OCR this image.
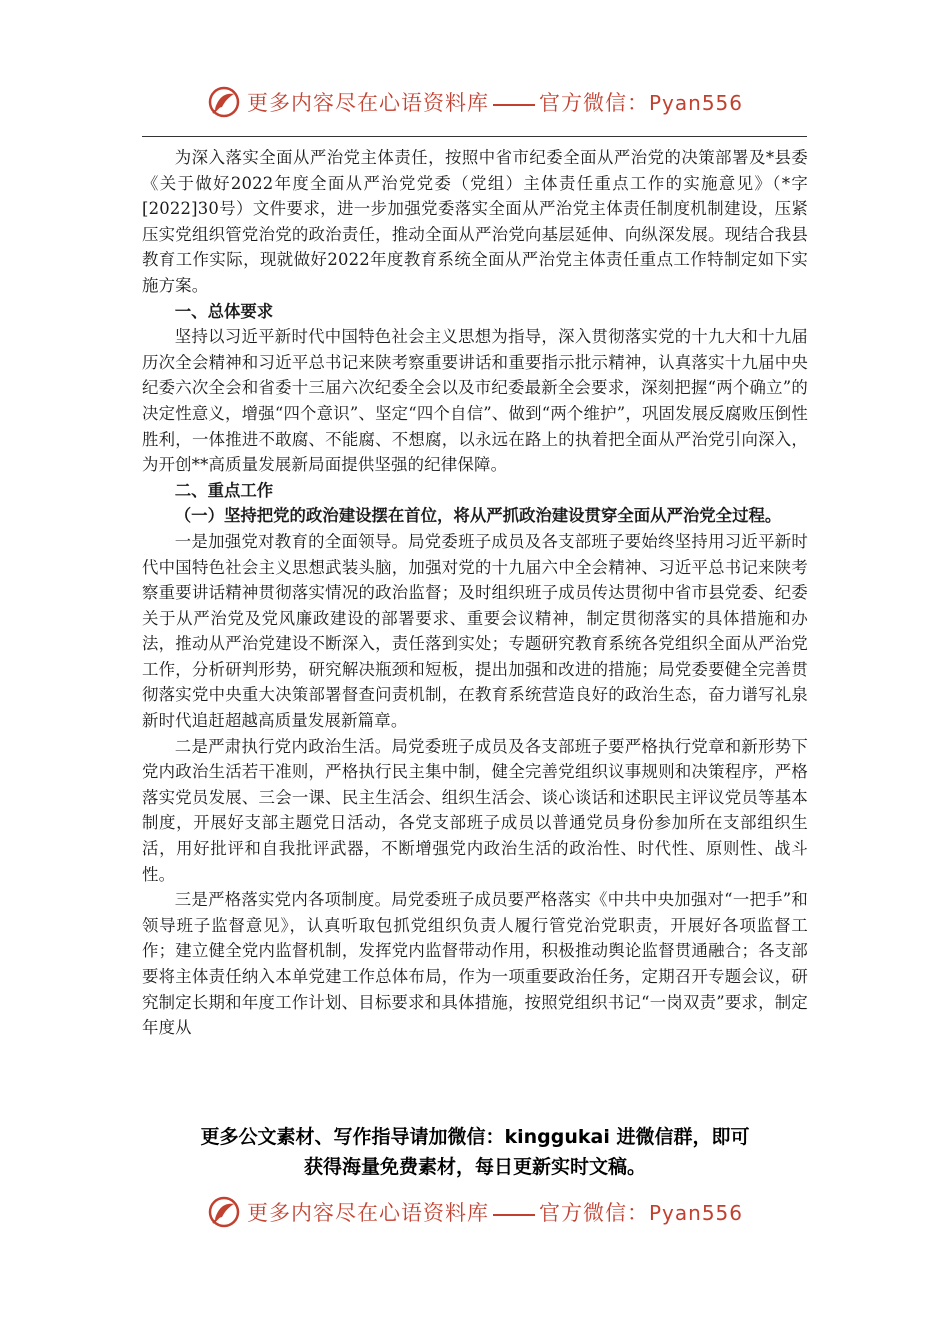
更多内容尽在心语资料库 官方微信：Pyan556

为深入落实全面从严治党主体责任，按照中省市纪委全面从严治党的决策部署及*县委《关于做好2022年度全面从严治党党委（党组）主体责任重点工作的实施意见》（*字[2022]30号）文件要求，进一步加强党委落实全面从严治党主体责任制度机制建设，压紧压实党组织管党治党的政治责任，推动全面从严治党向基层延伸、向纵深发展。现结合我县教育工作实际，现就做好2022年度教育系统全面从严治党主体责任重点工作特制定如下实施方案。

一、总体要求

坚持以习近平新时代中国特色社会主义思想为指导，深入贯彻落实党的十九大和十九届历次全会精神和习近平总书记来陕考察重要讲话和重要指示批示精神，认真落实十九届中央纪委六次全会和省委十三届六次纪委全会以及市纪委最新全会要求，深刻把握“两个确立”的决定性意义，增强“四个意识”、坚定“四个自信”、做到“两个维护”，巩固发展反腐败压倒性胜利，一体推进不敢腐、不能腐、不想腐，以永远在路上的执着把全面从严治党引向深入，为开创**高质量发展新局面提供坚强的纪律保障。

二、重点工作

（一）坚持把党的政治建设摆在首位，将从严抓政治建设贯穿全面从严治党全过程。

一是加强党对教育的全面领导。局党委班子成员及各支部班子要始终坚持用习近平新时代中国特色社会主义思想武装头脑，加强对党的十九届六中全会精神、习近平总书记来陕考察重要讲话精神贯彻落实情况的政治监督；及时组织班子成员传达贯彻中省市县党委、纪委关于从严治党及党风廉政建设的部署要求、重要会议精神，制定贯彻落实的具体措施和办法，推动从严治党建设不断深入，责任落到实处；专题研究教育系统各党组织全面从严治党工作，分析研判形势，研究解决瓶颈和短板，提出加强和改进的措施；局党委要健全完善贯彻落实党中央重大决策部署督查问责机制，在教育系统营造良好的政治生态，奋力谱写礼泉新时代追赶超越高质量发展新篇章。

二是严肃执行党内政治生活。局党委班子成员及各支部班子要严格执行党章和新形势下党内政治生活若干准则，严格执行民主集中制，健全完善党组织议事规则和决策程序，严格落实党员发展、三会一课、民主生活会、组织生活会、谈心谈话和述职民主评议党员等基本制度，开展好支部主题党日活动，各党支部班子成员以普通党员身份参加所在支部组织生活，用好批评和自我批评武器，不断增强党内政治生活的政治性、时代性、原则性、战斗性。

三是严格落实党内各项制度。局党委班子成员要严格落实《中共中央加强对“一把手”和领导班子监督意见》，认真听取包抓党组织负责人履行管党治党职责，开展好各项监督工作；建立健全党内监督机制，发挥党内监督带动作用，积极推动舆论监督贯通融合；各支部要将主体责任纳入本单党建工作总体布局，作为一项重要政治任务，定期召开专题会议，研究制定长期和年度工作计划、目标要求和具体措施，按照党组织书记“一岗双责”要求，制定年度从

更多公文素材、写作指导请加微信：kinggukai 进微信群，即可
获得海量免费素材，每日更新实时文稿。
更多内容尽在心语资料库 官方微信：Pyan556
